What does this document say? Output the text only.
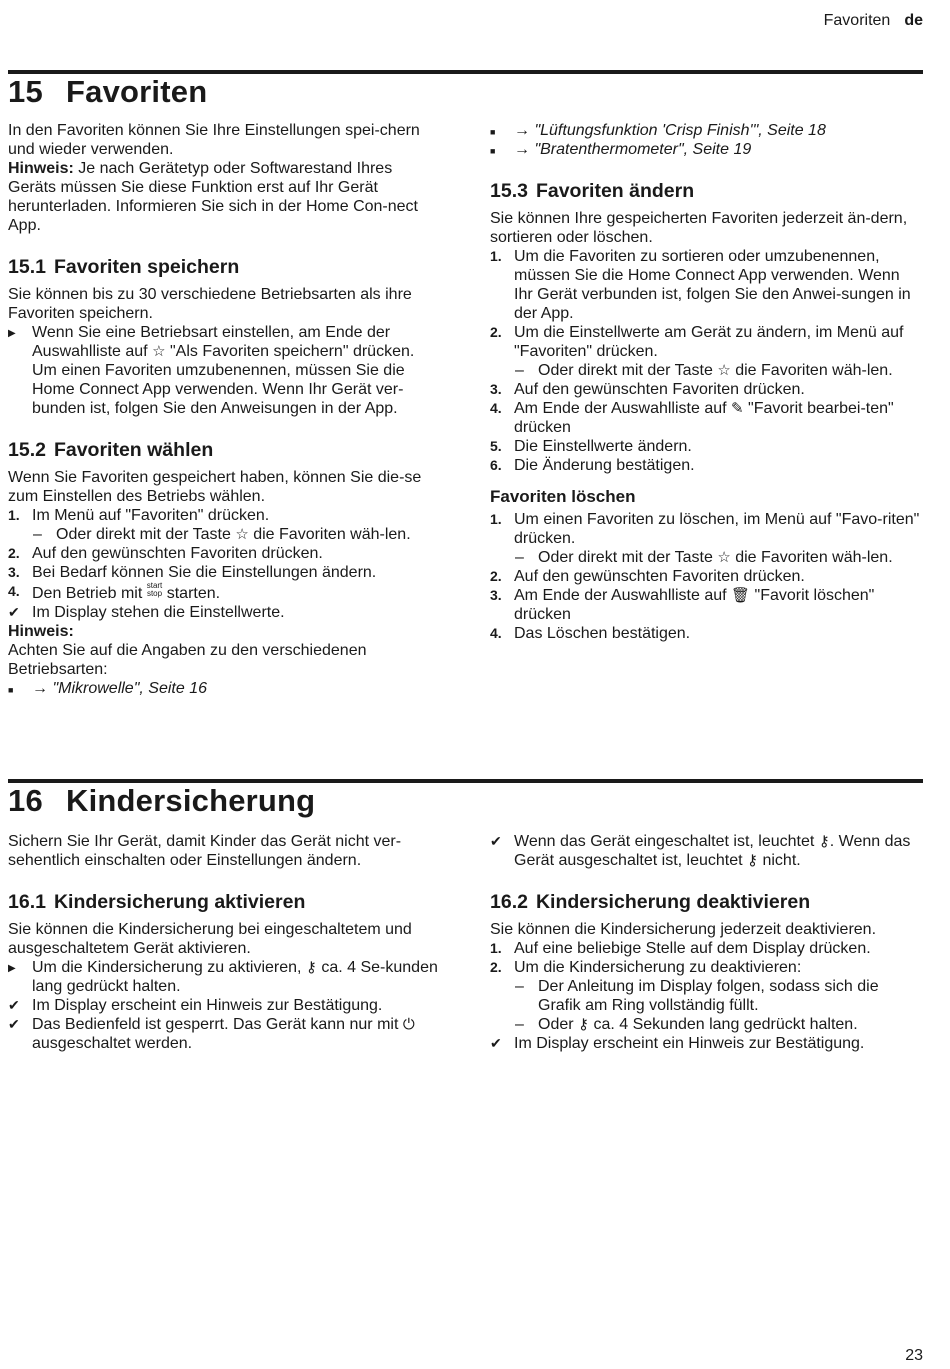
Favoriten de
15 Favoriten

In den Favoriten können Sie Ihre Einstellungen spei-chern und wieder verwenden.

Hinweis: Je nach Gerätetyp oder Softwarestand Ihres Geräts müssen Sie diese Funktion erst auf Ihr Gerät herunterladen. Informieren Sie sich in der Home Con-nect App.

15.1 Favoriten speichern

Sie können bis zu 30 verschiedene Betriebsarten als ihre Favoriten speichern.

▶ Wenn Sie eine Betriebsart einstellen, am Ende der Auswahlliste auf ☆ "Als Favoriten speichern" drücken.
Um einen Favoriten umzubenennen, müssen Sie die Home Connect App verwenden. Wenn Ihr Gerät ver-bunden ist, folgen Sie den Anweisungen in der App.
15.2 Favoriten wählen

Wenn Sie Favoriten gespeichert haben, können Sie die-se zum Einstellen des Betriebs wählen.

1. Im Menü auf "Favoriten" drücken.
– Oder direkt mit der Taste ☆ die Favoriten wäh-len.
2. Auf den gewünschten Favoriten drücken.
3. Bei Bedarf können Sie die Einstellungen ändern.
4. Den Betrieb mit start
stop starten.
✔ Im Display stehen die Einstellwerte.

Hinweis:

Achten Sie auf die Angaben zu den verschiedenen Betriebsarten:

■ → "Mikrowelle", Seite 16
■ → "Lüftungsfunktion 'Crisp Finish'", Seite 18
■ → "Bratenthermometer", Seite 19
15.3 Favoriten ändern

Sie können Ihre gespeicherten Favoriten jederzeit än-dern, sortieren oder löschen.

1. Um die Favoriten zu sortieren oder umzubenennen, müssen Sie die Home Connect App verwenden. Wenn Ihr Gerät verbunden ist, folgen Sie den Anwei-sungen in der App.
2. Um die Einstellwerte am Gerät zu ändern, im Menü auf "Favoriten" drücken.
– Oder direkt mit der Taste ☆ die Favoriten wäh-len.
3. Auf den gewünschten Favoriten drücken.
4. Am Ende der Auswahlliste auf ✎ "Favorit bearbei-ten" drücken
5. Die Einstellwerte ändern.
6. Die Änderung bestätigen.
Favoriten löschen
1. Um einen Favoriten zu löschen, im Menü auf "Favo-riten" drücken.
– Oder direkt mit der Taste ☆ die Favoriten wäh-len.
2. Auf den gewünschten Favoriten drücken.
3. Am Ende der Auswahlliste auf 🗑 "Favorit löschen" drücken
4. Das Löschen bestätigen.
16 Kindersicherung

Sichern Sie Ihr Gerät, damit Kinder das Gerät nicht ver-sehentlich einschalten oder Einstellungen ändern.

16.1 Kindersicherung aktivieren

Sie können die Kindersicherung bei eingeschaltetem und ausgeschaltetem Gerät aktivieren.

▶ Um die Kindersicherung zu aktivieren, ⚷ ca. 4 Se-kunden lang gedrückt halten.
✔ Im Display erscheint ein Hinweis zur Bestätigung.
✔ Das Bedienfeld ist gesperrt. Das Gerät kann nur mit ⏻ ausgeschaltet werden.
✔ Wenn das Gerät eingeschaltet ist, leuchtet ⚷. Wenn das Gerät ausgeschaltet ist, leuchtet ⚷ nicht.
16.2 Kindersicherung deaktivieren

Sie können die Kindersicherung jederzeit deaktivieren.

1. Auf eine beliebige Stelle auf dem Display drücken.
2. Um die Kindersicherung zu deaktivieren:
– Der Anleitung im Display folgen, sodass sich die Grafik am Ring vollständig füllt.
– Oder ⚷ ca. 4 Sekunden lang gedrückt halten.
✔ Im Display erscheint ein Hinweis zur Bestätigung.
23
